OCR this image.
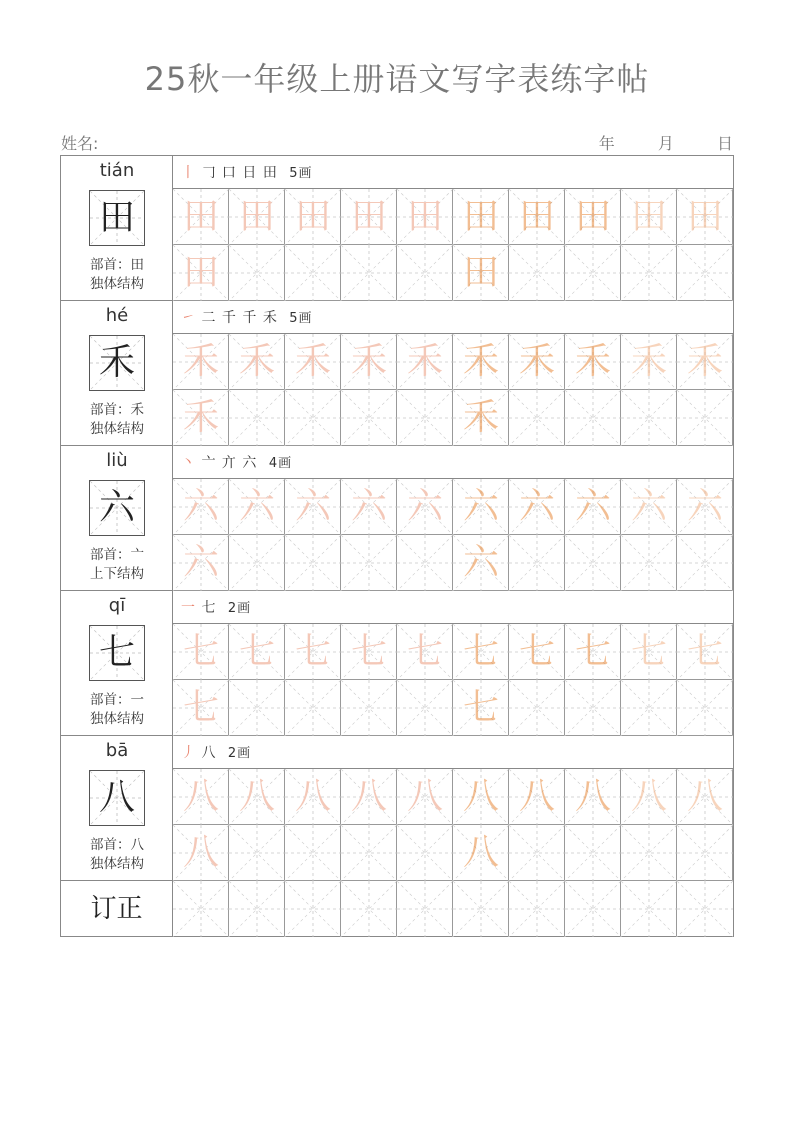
25秋一年级上册语文写字表练字帖
姓名:	年	月	日
tián
田
部首：田
独体结构
丨 𠃌 口 日 田 5画
田 田 田 田 田 田 田 田 田 田
田	田
hé
禾
部首：禾
独体结构
㇀ 二 千 千 禾 5画
禾 禾 禾 禾 禾 禾 禾 禾 禾 禾
禾	禾
liù
六
部首：亠
上下结构
丶 亠 亣 六 4画
六 六 六 六 六 六 六 六 六 六
六	六
qī
七
部首：一
独体结构
一 七 2画
七 七 七 七 七 七 七 七 七 七
七	七
bā
八
部首：八
独体结构
丿 八 2画
八 八 八 八 八 八 八 八 八 八
八	八
订正
